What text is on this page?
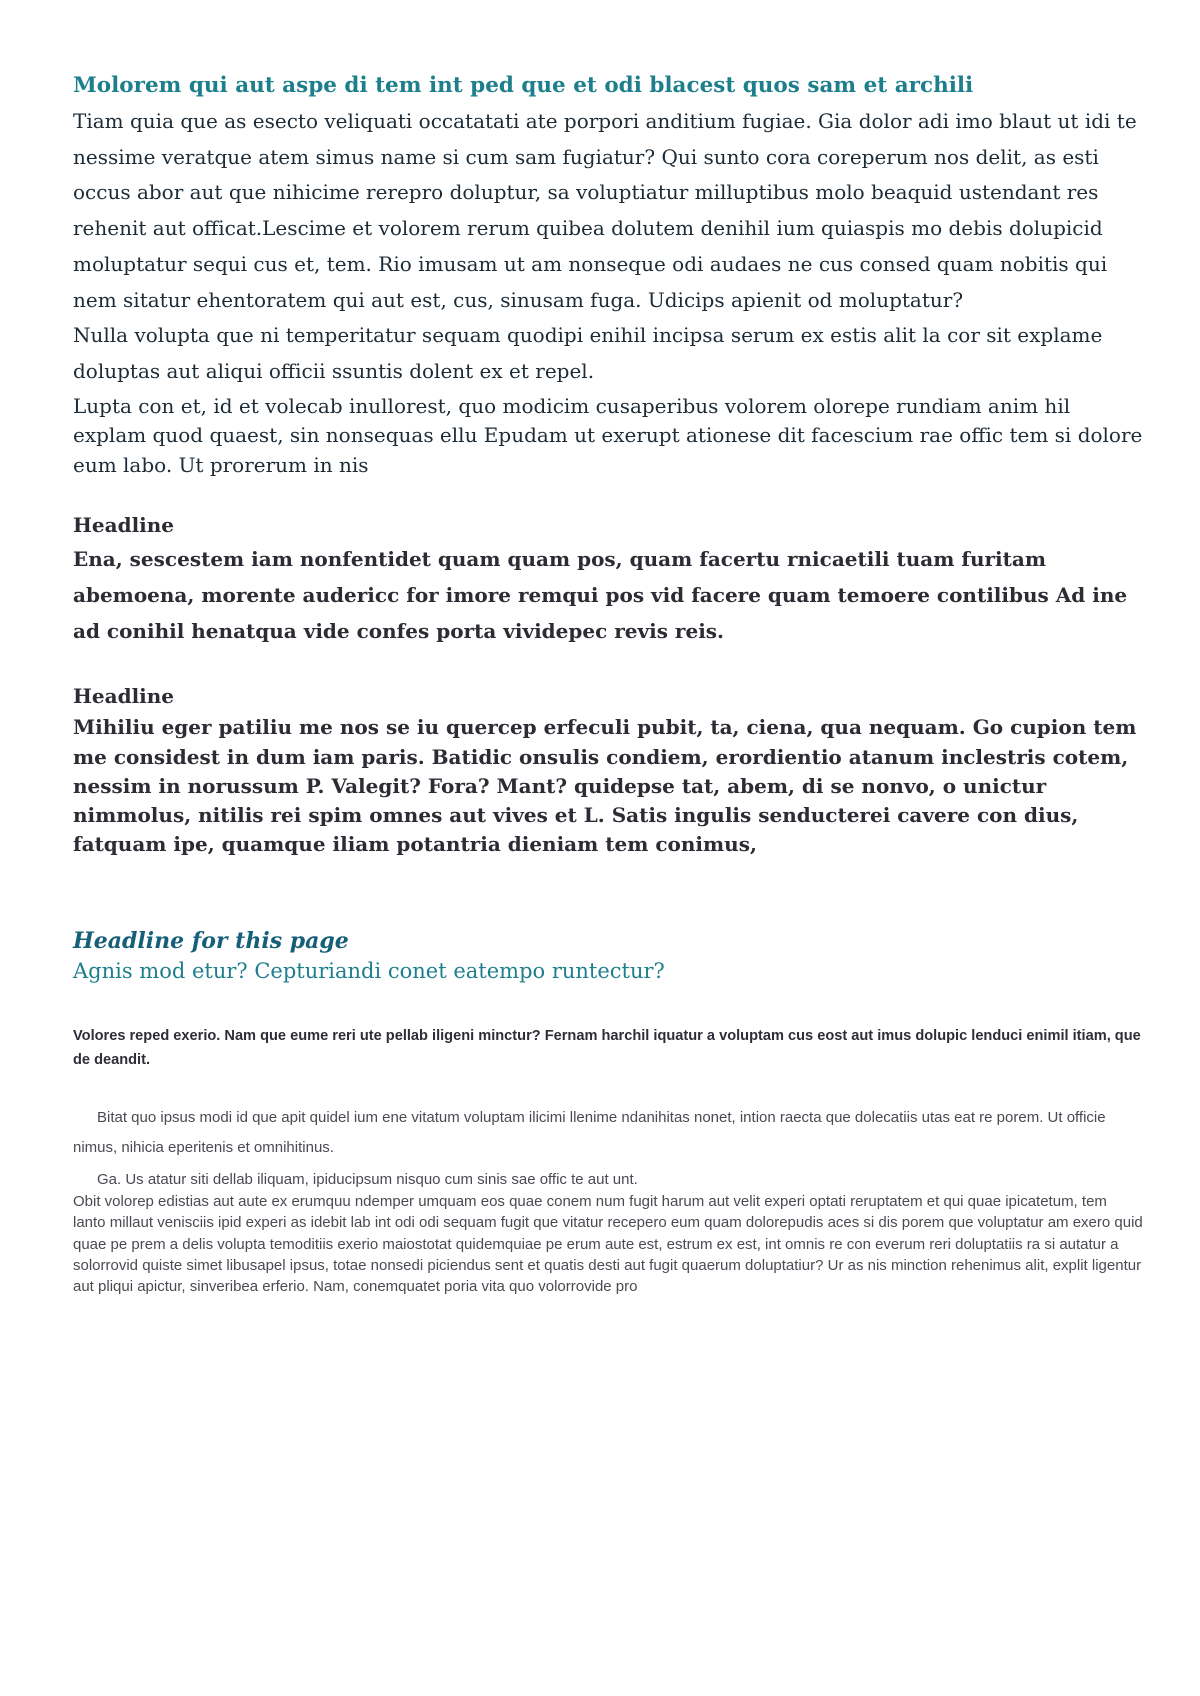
Molorem qui aut aspe di tem int ped que et odi blacest quos sam et archili

Tiam quia que as esecto veliquati occatatati ate porpori anditium fugiae. Gia dolor adi imo blaut ut idi te nessime veratque atem simus name si cum sam fugiatur? Qui sunto cora coreperum nos delit, as esti occus abor aut que nihicime rerepro doluptur, sa voluptiatur milluptibus molo beaquid ustendant res rehenit aut officat.Lescime et volorem rerum quibea dolutem denihil ium quiaspis mo debis dolupicid moluptatur sequi cus et, tem. Rio imusam ut am nonseque odi audaes ne cus consed quam nobitis qui nem sitatur ehentoratem qui aut est, cus, sinusam fuga. Udicips apienit od moluptatur?

Nulla volupta que ni temperitatur sequam quodipi enihil incipsa serum ex estis alit la cor sit explame doluptas aut aliqui officii ssuntis dolent ex et repel.

Lupta con et, id et volecab inullorest, quo modicim cusaperibus volorem olorepe rundiam anim hil explam quod quaest, sin nonsequas ellu Epudam ut exerupt ationese dit facescium rae offic tem si dolore eum labo. Ut prorerum in nis

Headline

Ena, sescestem iam nonfentidet quam quam pos, quam facertu rnicaetili tuam furitam abemoena, morente audericc for imore remqui pos vid facere quam temoere contilibus Ad ine ad conihil henatqua vide confes porta vividepec revis reis.

Headline

Mihiliu eger patiliu me nos se iu quercep erfeculi pubit, ta, ciena, qua nequam. Go cupion tem me considest in dum iam paris. Batidic onsulis condiem, erordientio atanum inclestris cotem, nessim in norussum P. Valegit? Fora? Mant? quidepse tat, abem, di se nonvo, o unictur nimmolus, nitilis rei spim omnes aut vives et L. Satis ingulis senducterei cavere con dius, fatquam ipe, quamque iliam potantria dieniam tem conimus,

Headline for this page

Agnis mod etur? Cepturiandi conet eatempo runtectur?

Volores reped exerio. Nam que eume reri ute pellab iligeni minctur? Fernam harchil iquatur a voluptam cus eost aut imus dolupic lenduci enimil itiam, que de deandit.

Bitat quo ipsus modi id que apit quidel ium ene vitatum voluptam ilicimi llenime ndanihitas nonet, intion raecta que dolecatiis utas eat re porem. Ut officie nimus, nihicia eperitenis et omnihitinus.

Ga. Us atatur siti dellab iliquam, ipiducipsum nisquo cum sinis sae offic te aut unt.

Obit volorep edistias aut aute ex erumquu ndemper umquam eos quae conem num fugit harum aut velit experi optati reruptatem et qui quae ipicatetum, tem lanto millaut venisciis ipid experi as idebit lab int odi odi sequam fugit que vitatur recepero eum quam dolorepudis aces si dis porem que voluptatur am exero quid quae pe prem a delis volupta temoditiis exerio maiostotat quidemquiae pe erum aute est, estrum ex est, int omnis re con everum reri doluptatiis ra si autatur a solorrovid quiste simet libusapel ipsus, totae nonsedi piciendus sent et quatis desti aut fugit quaerum doluptatiur? Ur as nis minction rehenimus alit, explit ligentur aut pliqui apictur, sinveribea erferio. Nam, conemquatet poria vita quo volorrovide pro
